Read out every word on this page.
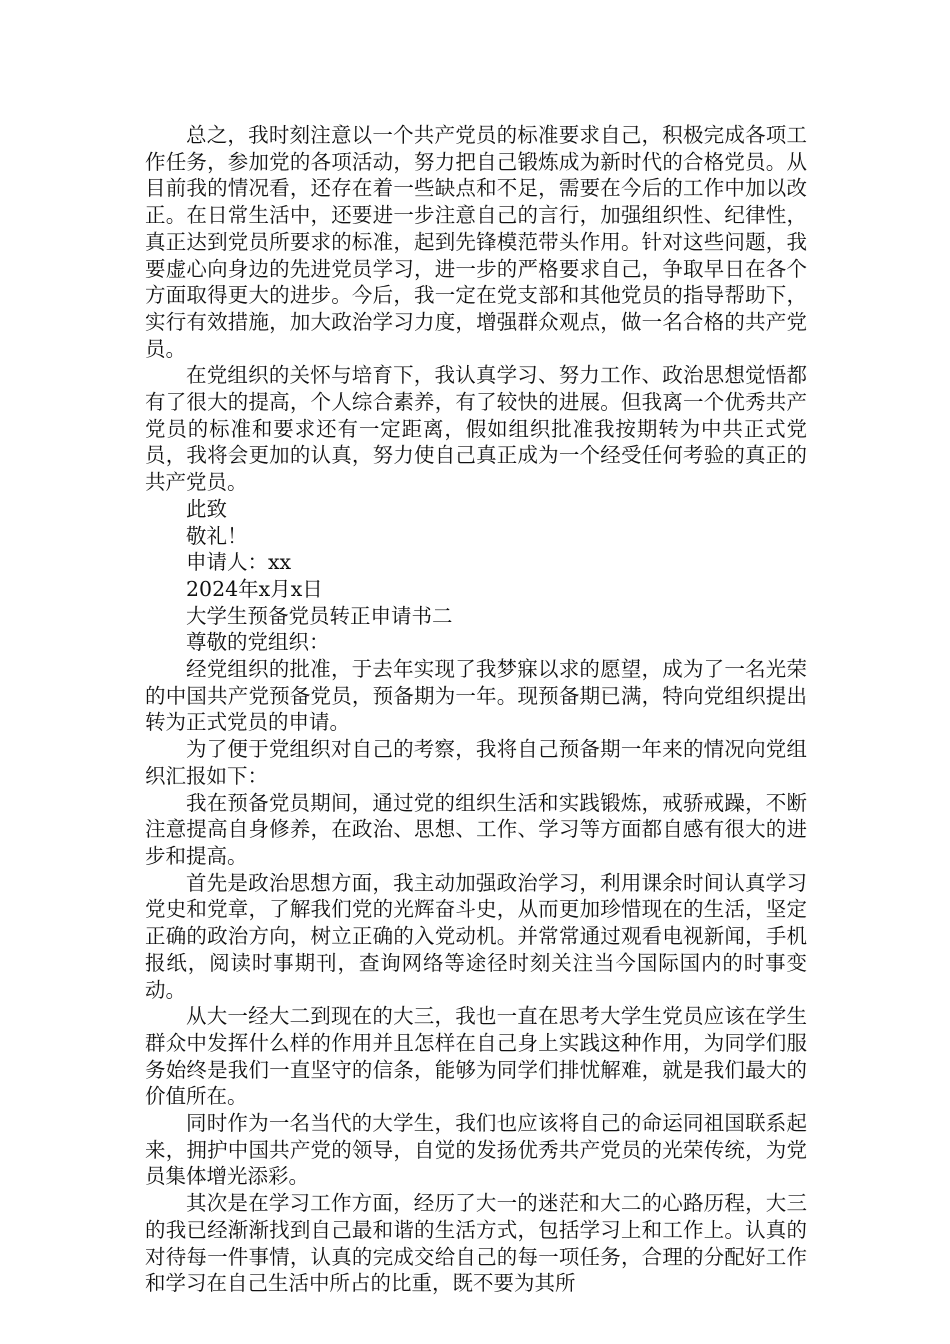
总之，我时刻注意以一个共产党员的标准要求自己，积极完成各项工作任务，参加党的各项活动，努力把自己锻炼成为新时代的合格党员。从目前我的情况看，还存在着一些缺点和不足，需要在今后的工作中加以改正。在日常生活中，还要进一步注意自己的言行，加强组织性、纪律性，真正达到党员所要求的标准，起到先锋模范带头作用。针对这些问题，我要虚心向身边的先进党员学习，进一步的严格要求自己，争取早日在各个方面取得更大的进步。今后，我一定在党支部和其他党员的指导帮助下，实行有效措施，加大政治学习力度，增强群众观点，做一名合格的共产党员。

在党组织的关怀与培育下，我认真学习、努力工作、政治思想觉悟都有了很大的提高，个人综合素养，有了较快的进展。但我离一个优秀共产党员的标准和要求还有一定距离，假如组织批准我按期转为中共正式党员，我将会更加的认真，努力使自己真正成为一个经受任何考验的真正的共产党员。

此致

敬礼！

申请人：xx

2024年x月x日

大学生预备党员转正申请书二

尊敬的党组织：

经党组织的批准，于去年实现了我梦寐以求的愿望，成为了一名光荣的中国共产党预备党员，预备期为一年。现预备期已满，特向党组织提出转为正式党员的申请。

为了便于党组织对自己的考察，我将自己预备期一年来的情况向党组织汇报如下：

我在预备党员期间，通过党的组织生活和实践锻炼，戒骄戒躁，不断注意提高自身修养，在政治、思想、工作、学习等方面都自感有很大的进步和提高。

首先是政治思想方面，我主动加强政治学习，利用课余时间认真学习党史和党章，了解我们党的光辉奋斗史，从而更加珍惜现在的生活，坚定正确的政治方向，树立正确的入党动机。并常常通过观看电视新闻，手机报纸，阅读时事期刊，查询网络等途径时刻关注当今国际国内的时事变动。

从大一经大二到现在的大三，我也一直在思考大学生党员应该在学生群众中发挥什么样的作用并且怎样在自己身上实践这种作用，为同学们服务始终是我们一直坚守的信条，能够为同学们排忧解难，就是我们最大的价值所在。

同时作为一名当代的大学生，我们也应该将自己的命运同祖国联系起来，拥护中国共产党的领导，自觉的发扬优秀共产党员的光荣传统，为党员集体增光添彩。

其次是在学习工作方面，经历了大一的迷茫和大二的心路历程，大三的我已经渐渐找到自己最和谐的生活方式，包括学习上和工作上。认真的对待每一件事情，认真的完成交给自己的每一项任务，合理的分配好工作和学习在自己生活中所占的比重，既不要为其所
